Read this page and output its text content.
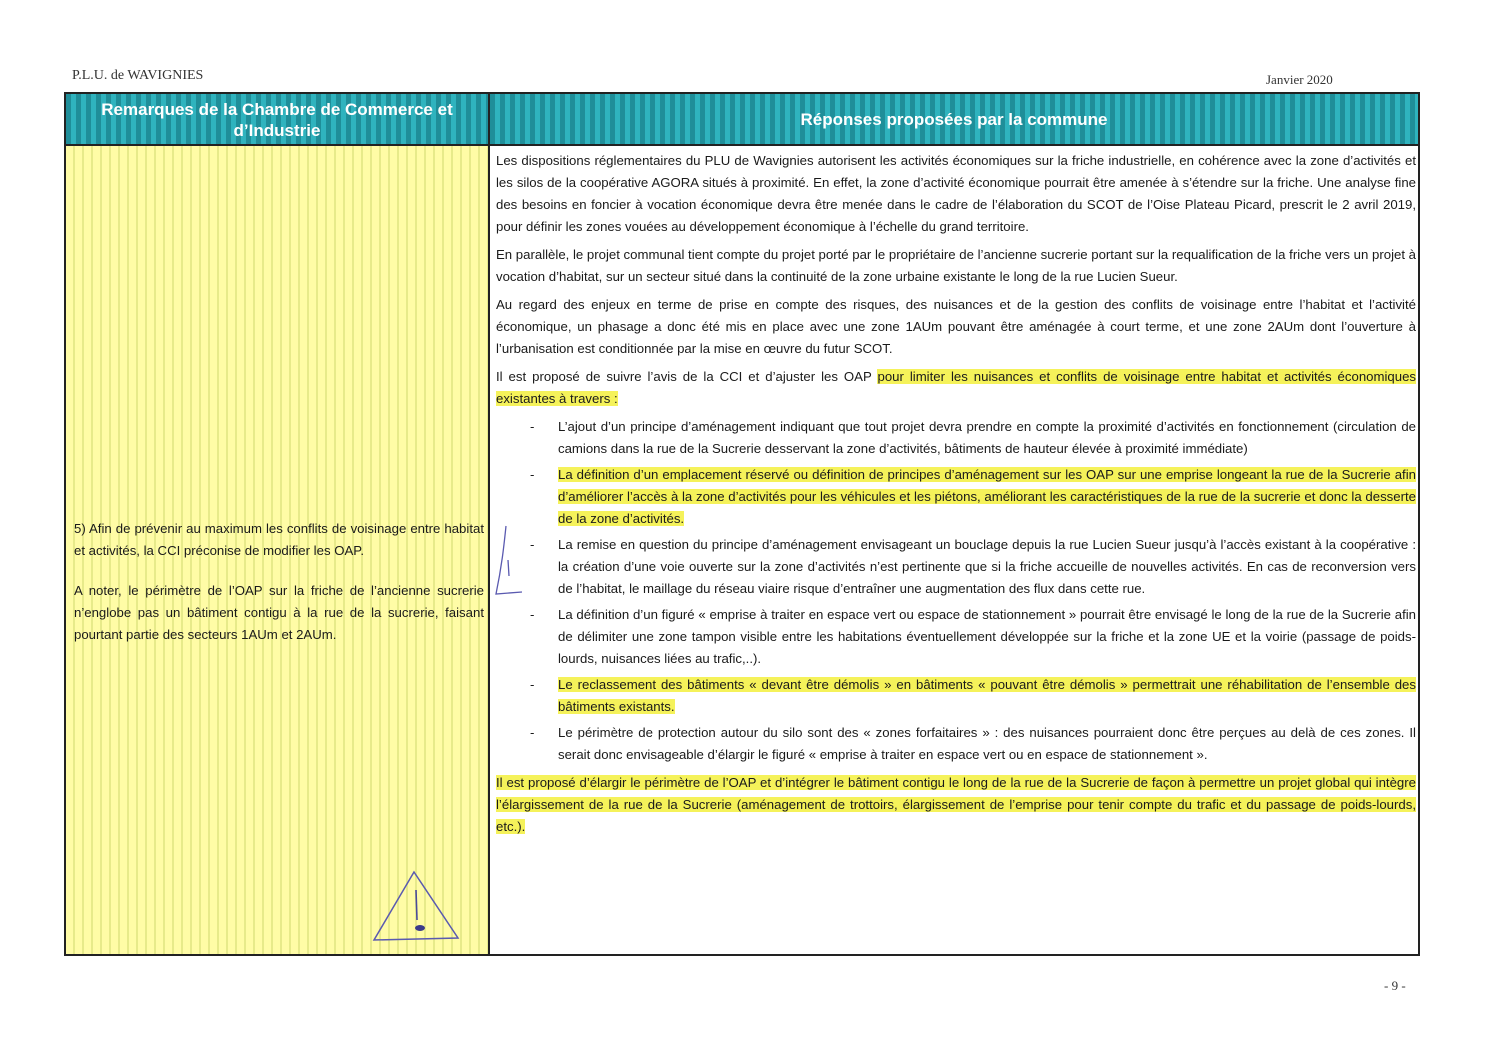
P.L.U. de WAVIGNIES	Janvier 2020
Remarques de la Chambre de Commerce et
d’Industrie
Réponses proposées par la commune

5) Afin de prévenir au maximum les conflits de voisinage entre habitat et activités, la CCI préconise de modifier les OAP.

A noter, le périmètre de l’OAP sur la friche de l’ancienne sucrerie n’englobe pas un bâtiment contigu à la rue de la sucrerie, faisant pourtant partie des secteurs 1AUm et 2AUm.

Les dispositions réglementaires du PLU de Wavignies autorisent les activités économiques sur la friche industrielle, en cohérence avec la zone d’activités et les silos de la coopérative AGORA situés à proximité. En effet, la zone d’activité économique pourrait être amenée à s’étendre sur la friche. Une analyse fine des besoins en foncier à vocation économique devra être menée dans le cadre de l’élaboration du SCOT de l’Oise Plateau Picard, prescrit le 2 avril 2019, pour définir les zones vouées au développement économique à l’échelle du grand territoire.

En parallèle, le projet communal tient compte du projet porté par le propriétaire de l’ancienne sucrerie portant sur la requalification de la friche vers un projet à vocation d’habitat, sur un secteur situé dans la continuité de la zone urbaine existante le long de la rue Lucien Sueur.

Au regard des enjeux en terme de prise en compte des risques, des nuisances et de la gestion des conflits de voisinage entre l’habitat et l’activité économique, un phasage a donc été mis en place avec une zone 1AUm pouvant être aménagée à court terme, et une zone 2AUm dont l’ouverture à l’urbanisation est conditionnée par la mise en œuvre du futur SCOT.

Il est proposé de suivre l’avis de la CCI et d’ajuster les OAP pour limiter les nuisances et conflits de voisinage entre habitat et activités économiques existantes à travers :

- L’ajout d’un principe d’aménagement indiquant que tout projet devra prendre en compte la proximité d’activités en fonctionnement (circulation de camions dans la rue de la Sucrerie desservant la zone d’activités, bâtiments de hauteur élevée à proximité immédiate)
- La définition d’un emplacement réservé ou définition de principes d’aménagement sur les OAP sur une emprise longeant la rue de la Sucrerie afin d’améliorer l’accès à la zone d’activités pour les véhicules et les piétons, améliorant les caractéristiques de la rue de la sucrerie et donc la desserte de la zone d’activités.
- La remise en question du principe d’aménagement envisageant un bouclage depuis la rue Lucien Sueur jusqu’à l’accès existant à la coopérative : la création d’une voie ouverte sur la zone d’activités n’est pertinente que si la friche accueille de nouvelles activités. En cas de reconversion vers de l’habitat, le maillage du réseau viaire risque d’entraîner une augmentation des flux dans cette rue.
- La définition d’un figuré « emprise à traiter en espace vert ou espace de stationnement » pourrait être envisagé le long de la rue de la Sucrerie afin de délimiter une zone tampon visible entre les habitations éventuellement développée sur la friche et la zone UE et la voirie (passage de poids-lourds, nuisances liées au trafic,..).
- Le reclassement des bâtiments « devant être démolis » en bâtiments « pouvant être démolis » permettrait une réhabilitation de l’ensemble des bâtiments existants.
- Le périmètre de protection autour du silo sont des « zones forfaitaires » : des nuisances pourraient donc être perçues au delà de ces zones. Il serait donc envisageable d’élargir le figuré « emprise à traiter en espace vert ou en espace de stationnement ».

Il est proposé d’élargir le périmètre de l’OAP et d’intégrer le bâtiment contigu le long de la rue de la Sucrerie de façon à permettre un projet global qui intègre l’élargissement de la rue de la Sucrerie (aménagement de trottoirs, élargissement de l’emprise pour tenir compte du trafic et du passage de poids-lourds, etc.).

- 9 -
